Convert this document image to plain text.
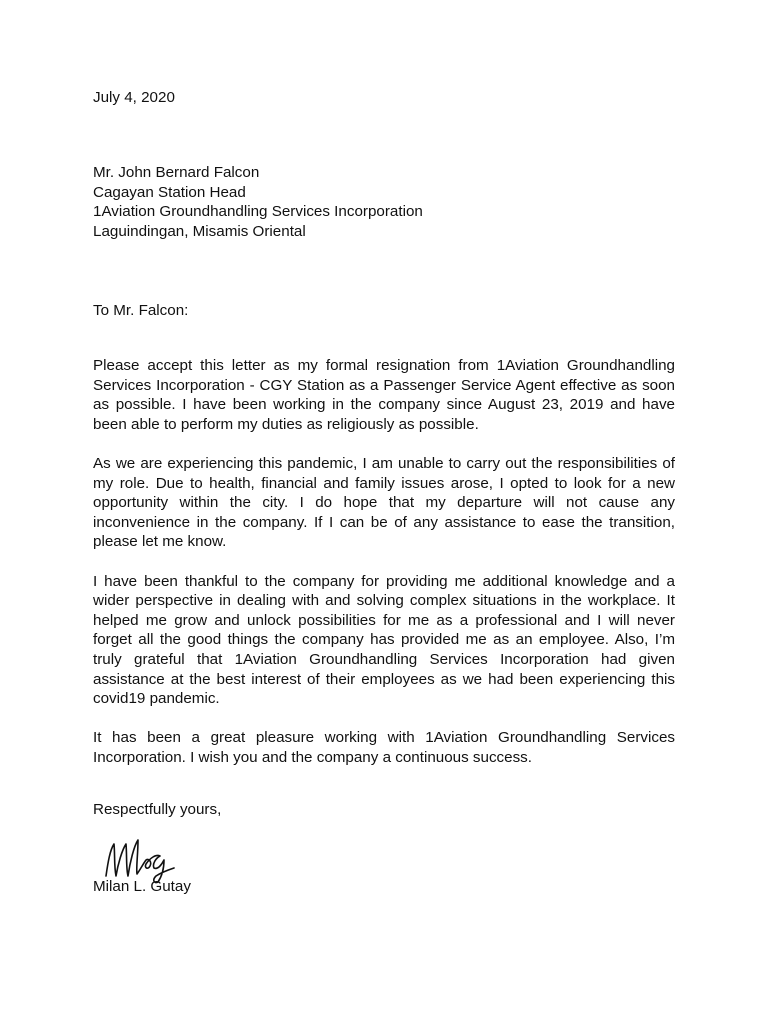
July 4, 2020
Mr. John Bernard Falcon
Cagayan Station Head
1Aviation Groundhandling Services Incorporation
Laguindingan, Misamis Oriental
To Mr. Falcon:

Please accept this letter as my formal resignation from 1Aviation Groundhandling Services Incorporation - CGY Station as a Passenger Service Agent effective as soon as possible. I have been working in the company since August 23, 2019 and have been able to perform my duties as religiously as possible.

As we are experiencing this pandemic, I am unable to carry out the responsibilities of my role. Due to health, financial and family issues arose, I opted to look for a new opportunity within the city. I do hope that my departure will not cause any inconvenience in the company. If I can be of any assistance to ease the transition, please let me know.

I have been thankful to the company for providing me additional knowledge and a wider perspective in dealing with and solving complex situations in the workplace. It helped me grow and unlock possibilities for me as a professional and I will never forget all the good things the company has provided me as an employee. Also, I’m truly grateful that 1Aviation Groundhandling Services Incorporation had given assistance at the best interest of their employees as we had been experiencing this covid19 pandemic.

It has been a great pleasure working with 1Aviation Groundhandling Services Incorporation. I wish you and the company a continuous success.

Respectfully yours,
Milan L. Gutay
